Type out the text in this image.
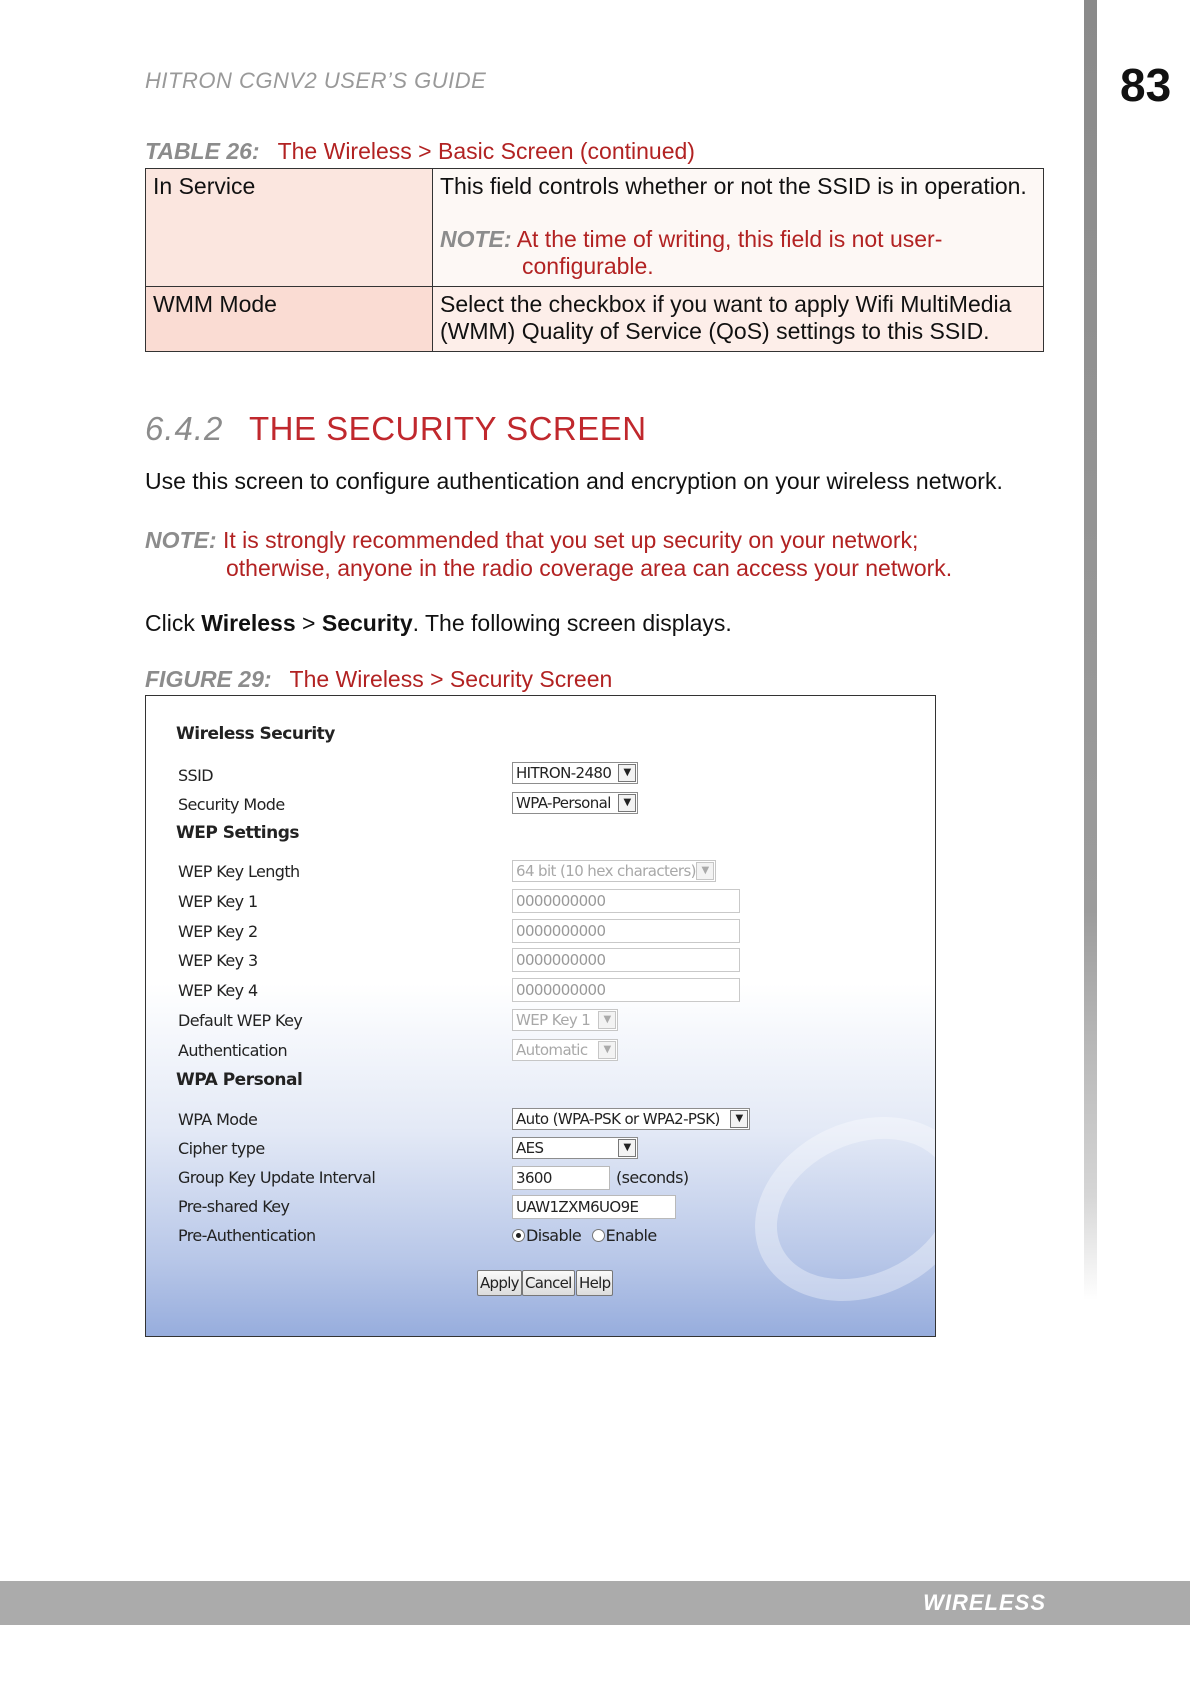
83
HITRON CGNV2 USER’S GUIDE
TABLE 26: The Wireless > Basic Screen (continued)
In Service	This field controls whether or not the SSID is in operation.
NOTE: At the time of writing, this field is not user-configurable.

WMM Mode	Select the checkbox if you want to apply Wifi MultiMedia (WMM) Quality of Service (QoS) settings to this SSID.
6.4.2 THE SECURITY SCREEN
Use this screen to configure authentication and encryption on your wireless network.
NOTE: It is strongly recommended that you set up security on your network;
otherwise, anyone in the radio coverage area can access your network.
Click Wireless > Security. The following screen displays.
FIGURE 29: The Wireless > Security Screen
Wireless Security
SSID	HITRON-2480	▼
Security Mode	WPA-Personal	▼
WEP Settings
WEP Key Length	64 bit (10 hex characters) ▼
WEP Key 1	0000000000
WEP Key 2	0000000000
WEP Key 3	0000000000
WEP Key 4	0000000000
Default WEP Key	WEP Key 1	▼
Authentication	Automatic	▼
WPA Personal
WPA Mode	Auto (WPA-PSK or WPA2-PSK)	▼
Cipher type	AES	▼
Group Key Update Interval	3600	(seconds)
Pre-shared Key	UAW1ZXM6UO9E
Pre-Authentication	Disable Enable
Apply Cancel Help
WIRELESS
